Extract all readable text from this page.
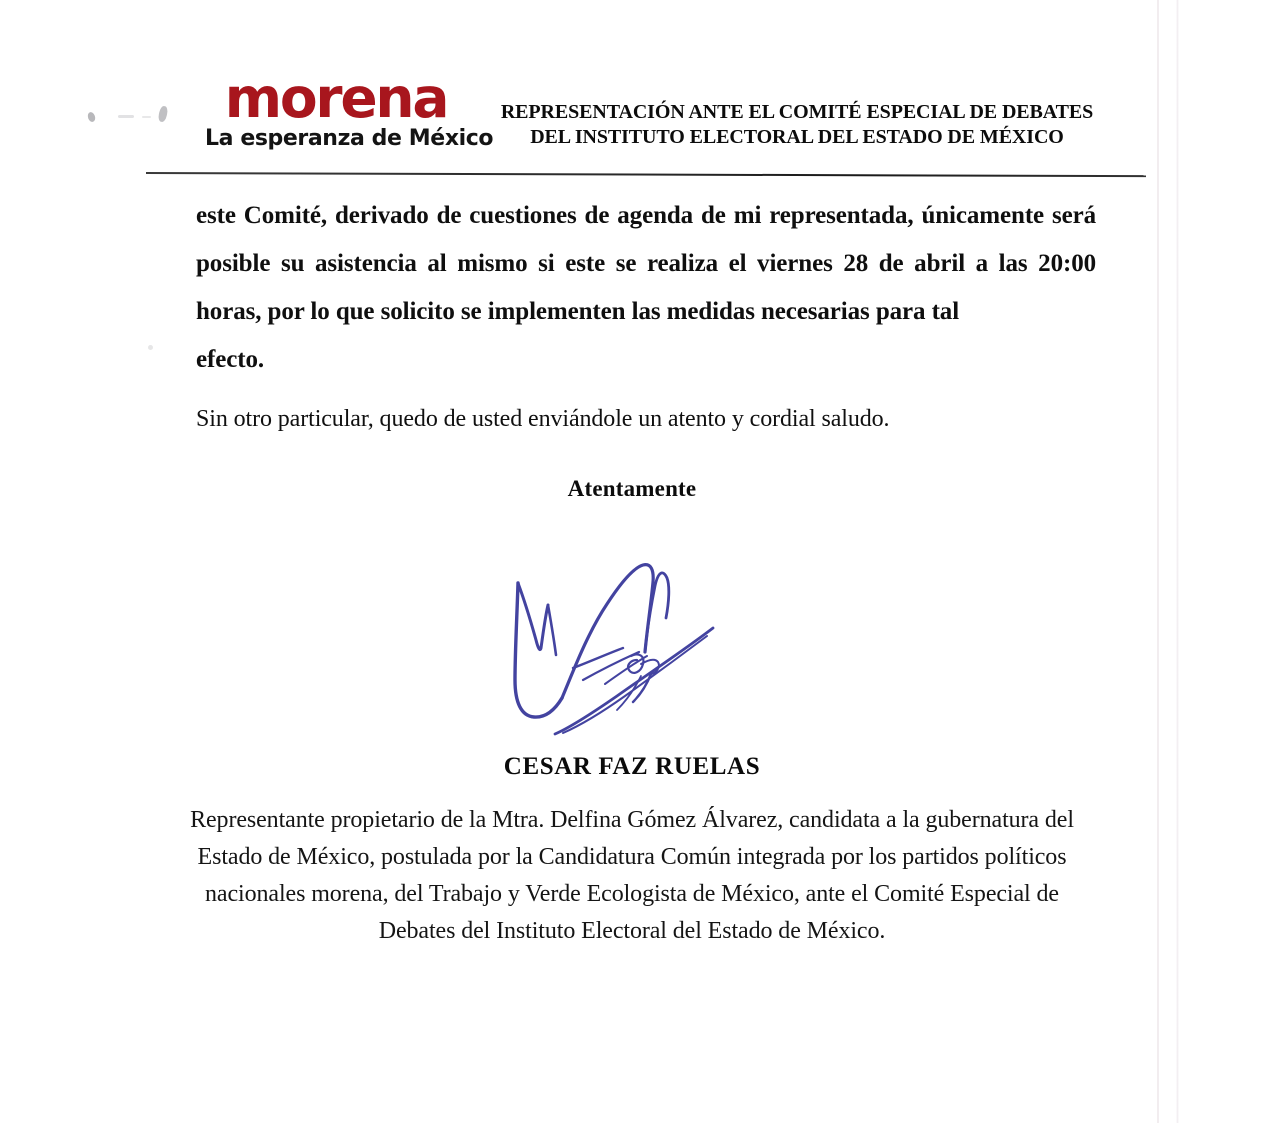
morena

La esperanza de México

REPRESENTACIÓN ANTE EL COMITÉ ESPECIAL DE DEBATES
DEL INSTITUTO ELECTORAL DEL ESTADO DE MÉXICO
este Comité, derivado de cuestiones de agenda de mi representada, únicamente será posible su asistencia al mismo si este se realiza el viernes 28 de abril a las 20:00 horas, por lo que solicito se implementen las medidas necesarias para tal
efecto.
Sin otro particular, quedo de usted enviándole un atento y cordial saludo.
Atentamente
CESAR FAZ RUELAS
Representante propietario de la Mtra. Delfina Gómez Álvarez, candidata a la gubernatura del Estado de México, postulada por la Candidatura Común integrada por los partidos políticos nacionales morena, del Trabajo y Verde Ecologista de México, ante el Comité Especial de Debates del Instituto Electoral del Estado de México.
